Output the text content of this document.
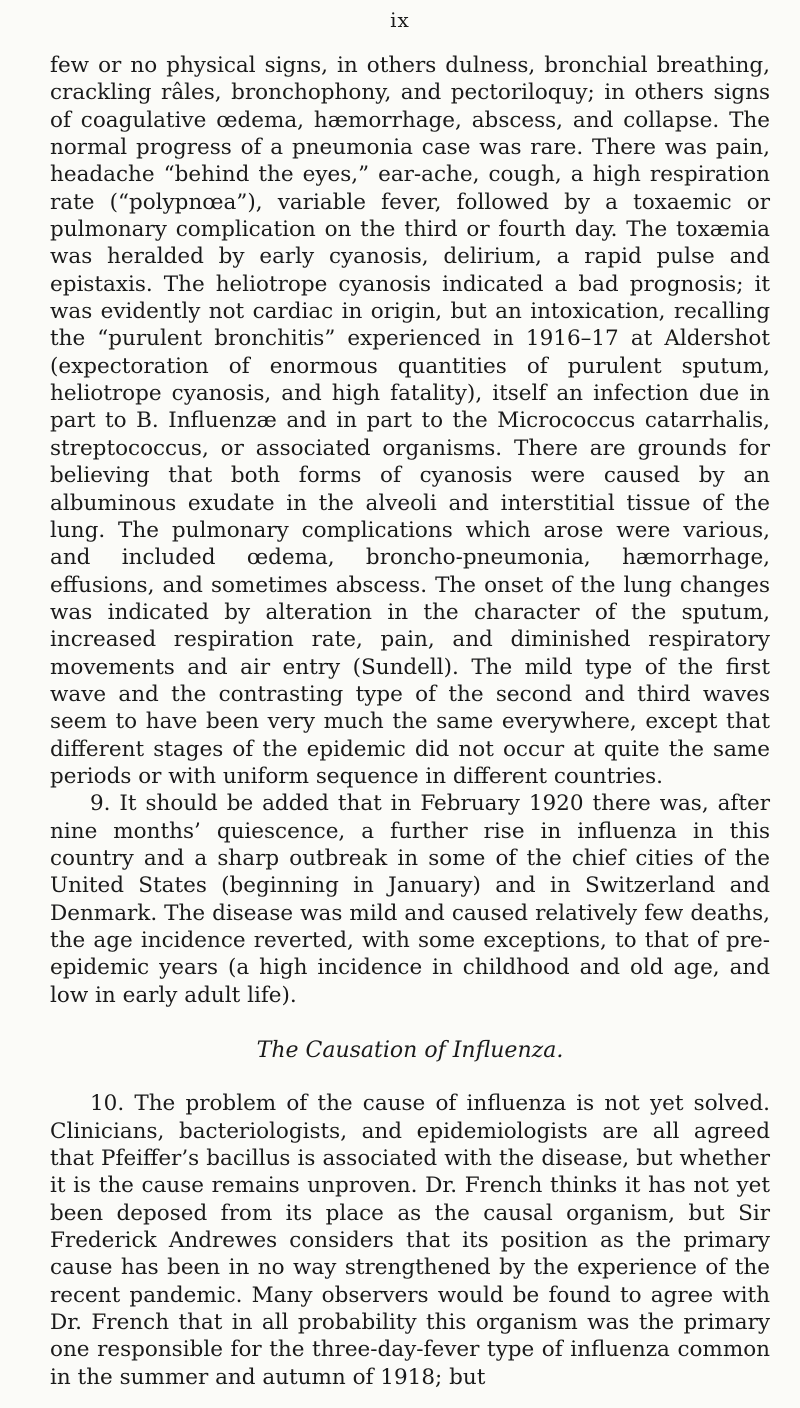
ix

few or no physical signs, in others dulness, bronchial breathing, crackling râles, bronchophony, and pectoriloquy; in others signs of coagulative œdema, hæmorrhage, abscess, and collapse. The normal progress of a pneumonia case was rare. There was pain, headache “behind the eyes,” ear-ache, cough, a high respiration rate (“polypnœa”), variable fever, followed by a toxaemic or pulmonary complication on the third or fourth day. The toxæmia was heralded by early cyanosis, delirium, a rapid pulse and epistaxis. The heliotrope cyanosis indicated a bad prognosis; it was evidently not cardiac in origin, but an intoxication, recalling the “purulent bronchitis” experienced in 1916–17 at Aldershot (expectoration of enormous quantities of purulent sputum, heliotrope cyanosis, and high fatality), itself an infection due in part to B. Influenzæ and in part to the Micrococcus catarrhalis, streptococcus, or associated organisms. There are grounds for believing that both forms of cyanosis were caused by an albuminous exudate in the alveoli and interstitial tissue of the lung. The pulmonary complications which arose were various, and included œdema, broncho-pneumonia, hæmorrhage, effusions, and sometimes abscess. The onset of the lung changes was indicated by alteration in the character of the sputum, increased respiration rate, pain, and diminished respiratory movements and air entry (Sundell). The mild type of the first wave and the contrasting type of the second and third waves seem to have been very much the same everywhere, except that different stages of the epidemic did not occur at quite the same periods or with uniform sequence in different countries.

9. It should be added that in February 1920 there was, after nine months’ quiescence, a further rise in influenza in this country and a sharp outbreak in some of the chief cities of the United States (beginning in January) and in Switzerland and Denmark. The disease was mild and caused relatively few deaths, the age incidence reverted, with some exceptions, to that of pre-epidemic years (a high incidence in childhood and old age, and low in early adult life).

The Causation of Influenza.

10. The problem of the cause of influenza is not yet solved. Clinicians, bacteriologists, and epidemiologists are all agreed that Pfeiffer’s bacillus is associated with the disease, but whether it is the cause remains unproven. Dr. French thinks it has not yet been deposed from its place as the causal organism, but Sir Frederick Andrewes considers that its position as the primary cause has been in no way strengthened by the experience of the recent pandemic. Many observers would be found to agree with Dr. French that in all probability this organism was the primary one responsible for the three-day-fever type of influenza common in the summer and autumn of 1918; but
